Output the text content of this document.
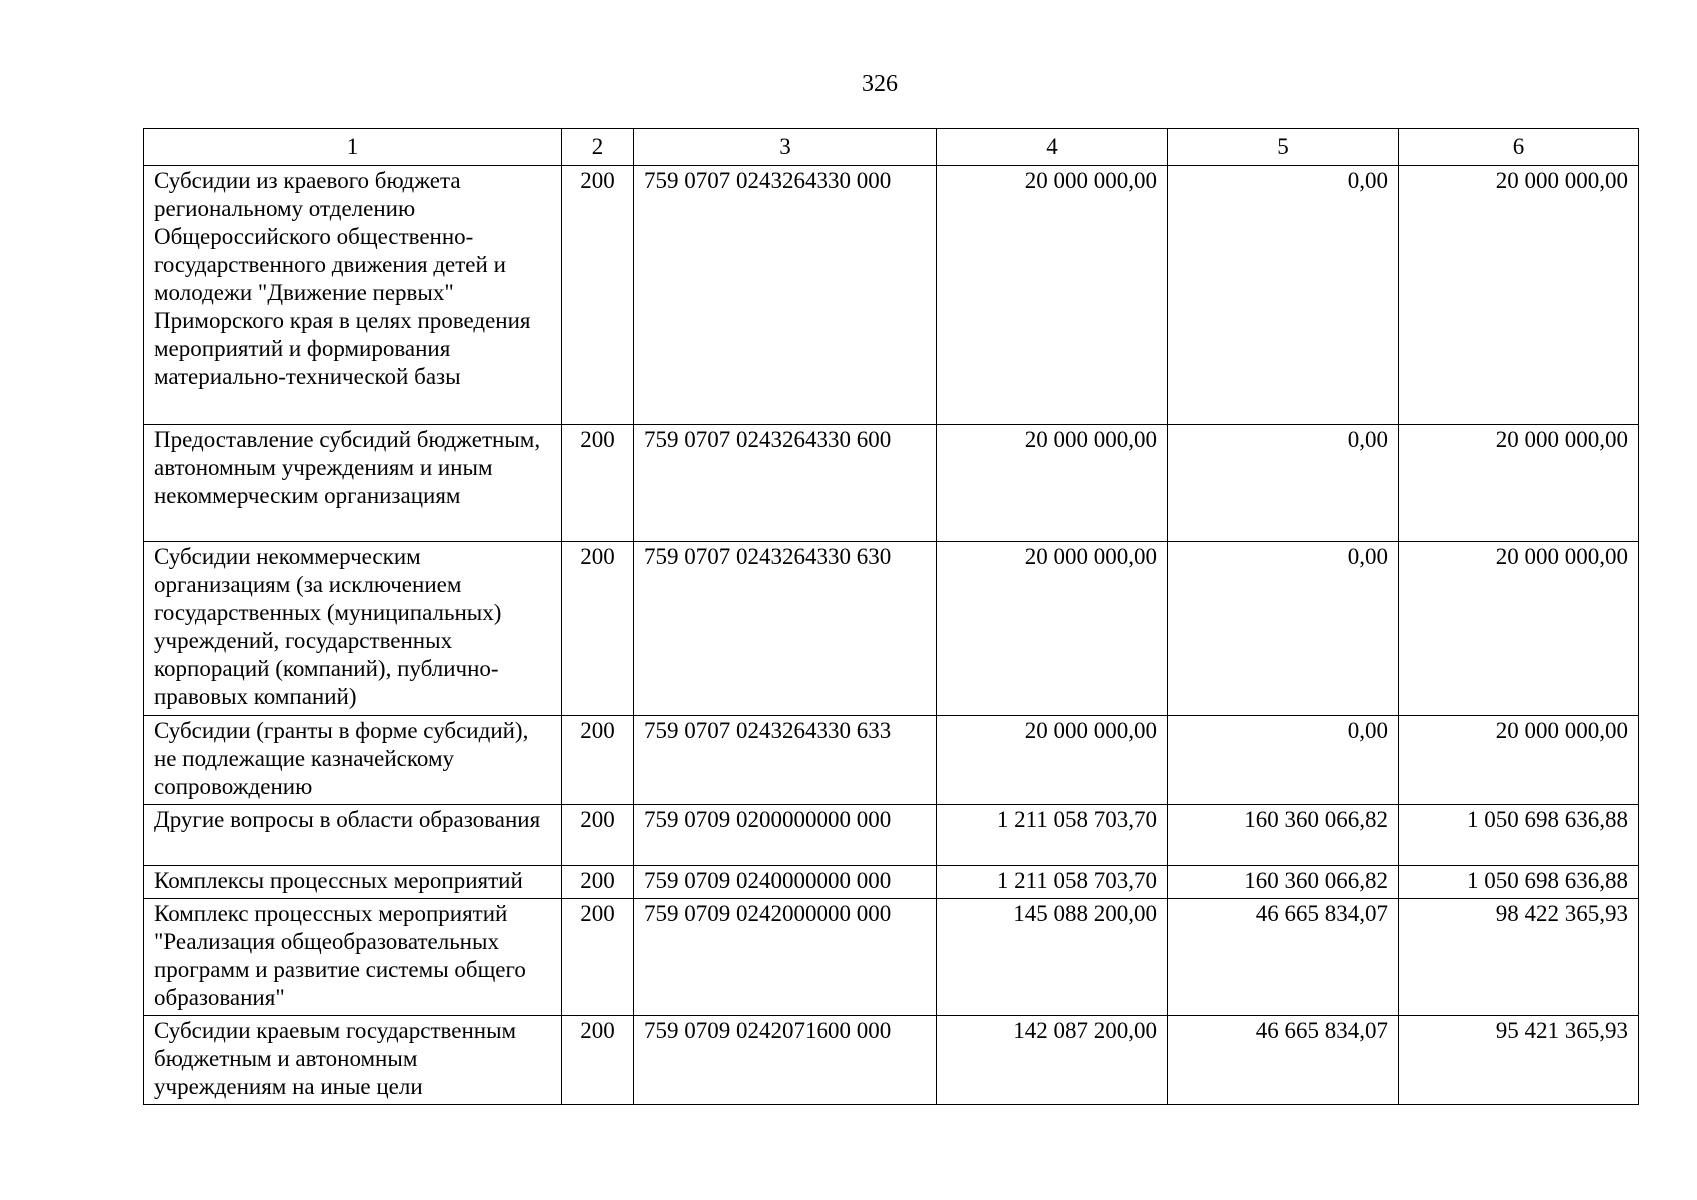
326
1	2	3	4	5	6
Субсидии из краевого бюджета региональному отделению Общероссийского общественно-государственного движения детей и молодежи "Движение первых" Приморского края в целях проведения мероприятий и формирования материально-технической базы	200	759 0707 0243264330 000	20 000 000,00	0,00	20 000 000,00
Предоставление субсидий бюджетным, автономным учреждениям и иным некоммерческим организациям	200	759 0707 0243264330 600	20 000 000,00	0,00	20 000 000,00
Субсидии некоммерческим организациям (за исключением государственных (муниципальных) учреждений, государственных корпораций (компаний), публично-правовых компаний)	200	759 0707 0243264330 630	20 000 000,00	0,00	20 000 000,00
Субсидии (гранты в форме субсидий), не подлежащие казначейскому сопровождению	200	759 0707 0243264330 633	20 000 000,00	0,00	20 000 000,00
Другие вопросы в области образования	200	759 0709 0200000000 000	1 211 058 703,70	160 360 066,82	1 050 698 636,88
Комплексы процессных мероприятий	200	759 0709 0240000000 000	1 211 058 703,70	160 360 066,82	1 050 698 636,88
Комплекс процессных мероприятий "Реализация общеобразовательных программ и развитие системы общего образования"	200	759 0709 0242000000 000	145 088 200,00	46 665 834,07	98 422 365,93
Субсидии краевым государственным бюджетным и автономным учреждениям на иные цели	200	759 0709 0242071600 000	142 087 200,00	46 665 834,07	95 421 365,93
